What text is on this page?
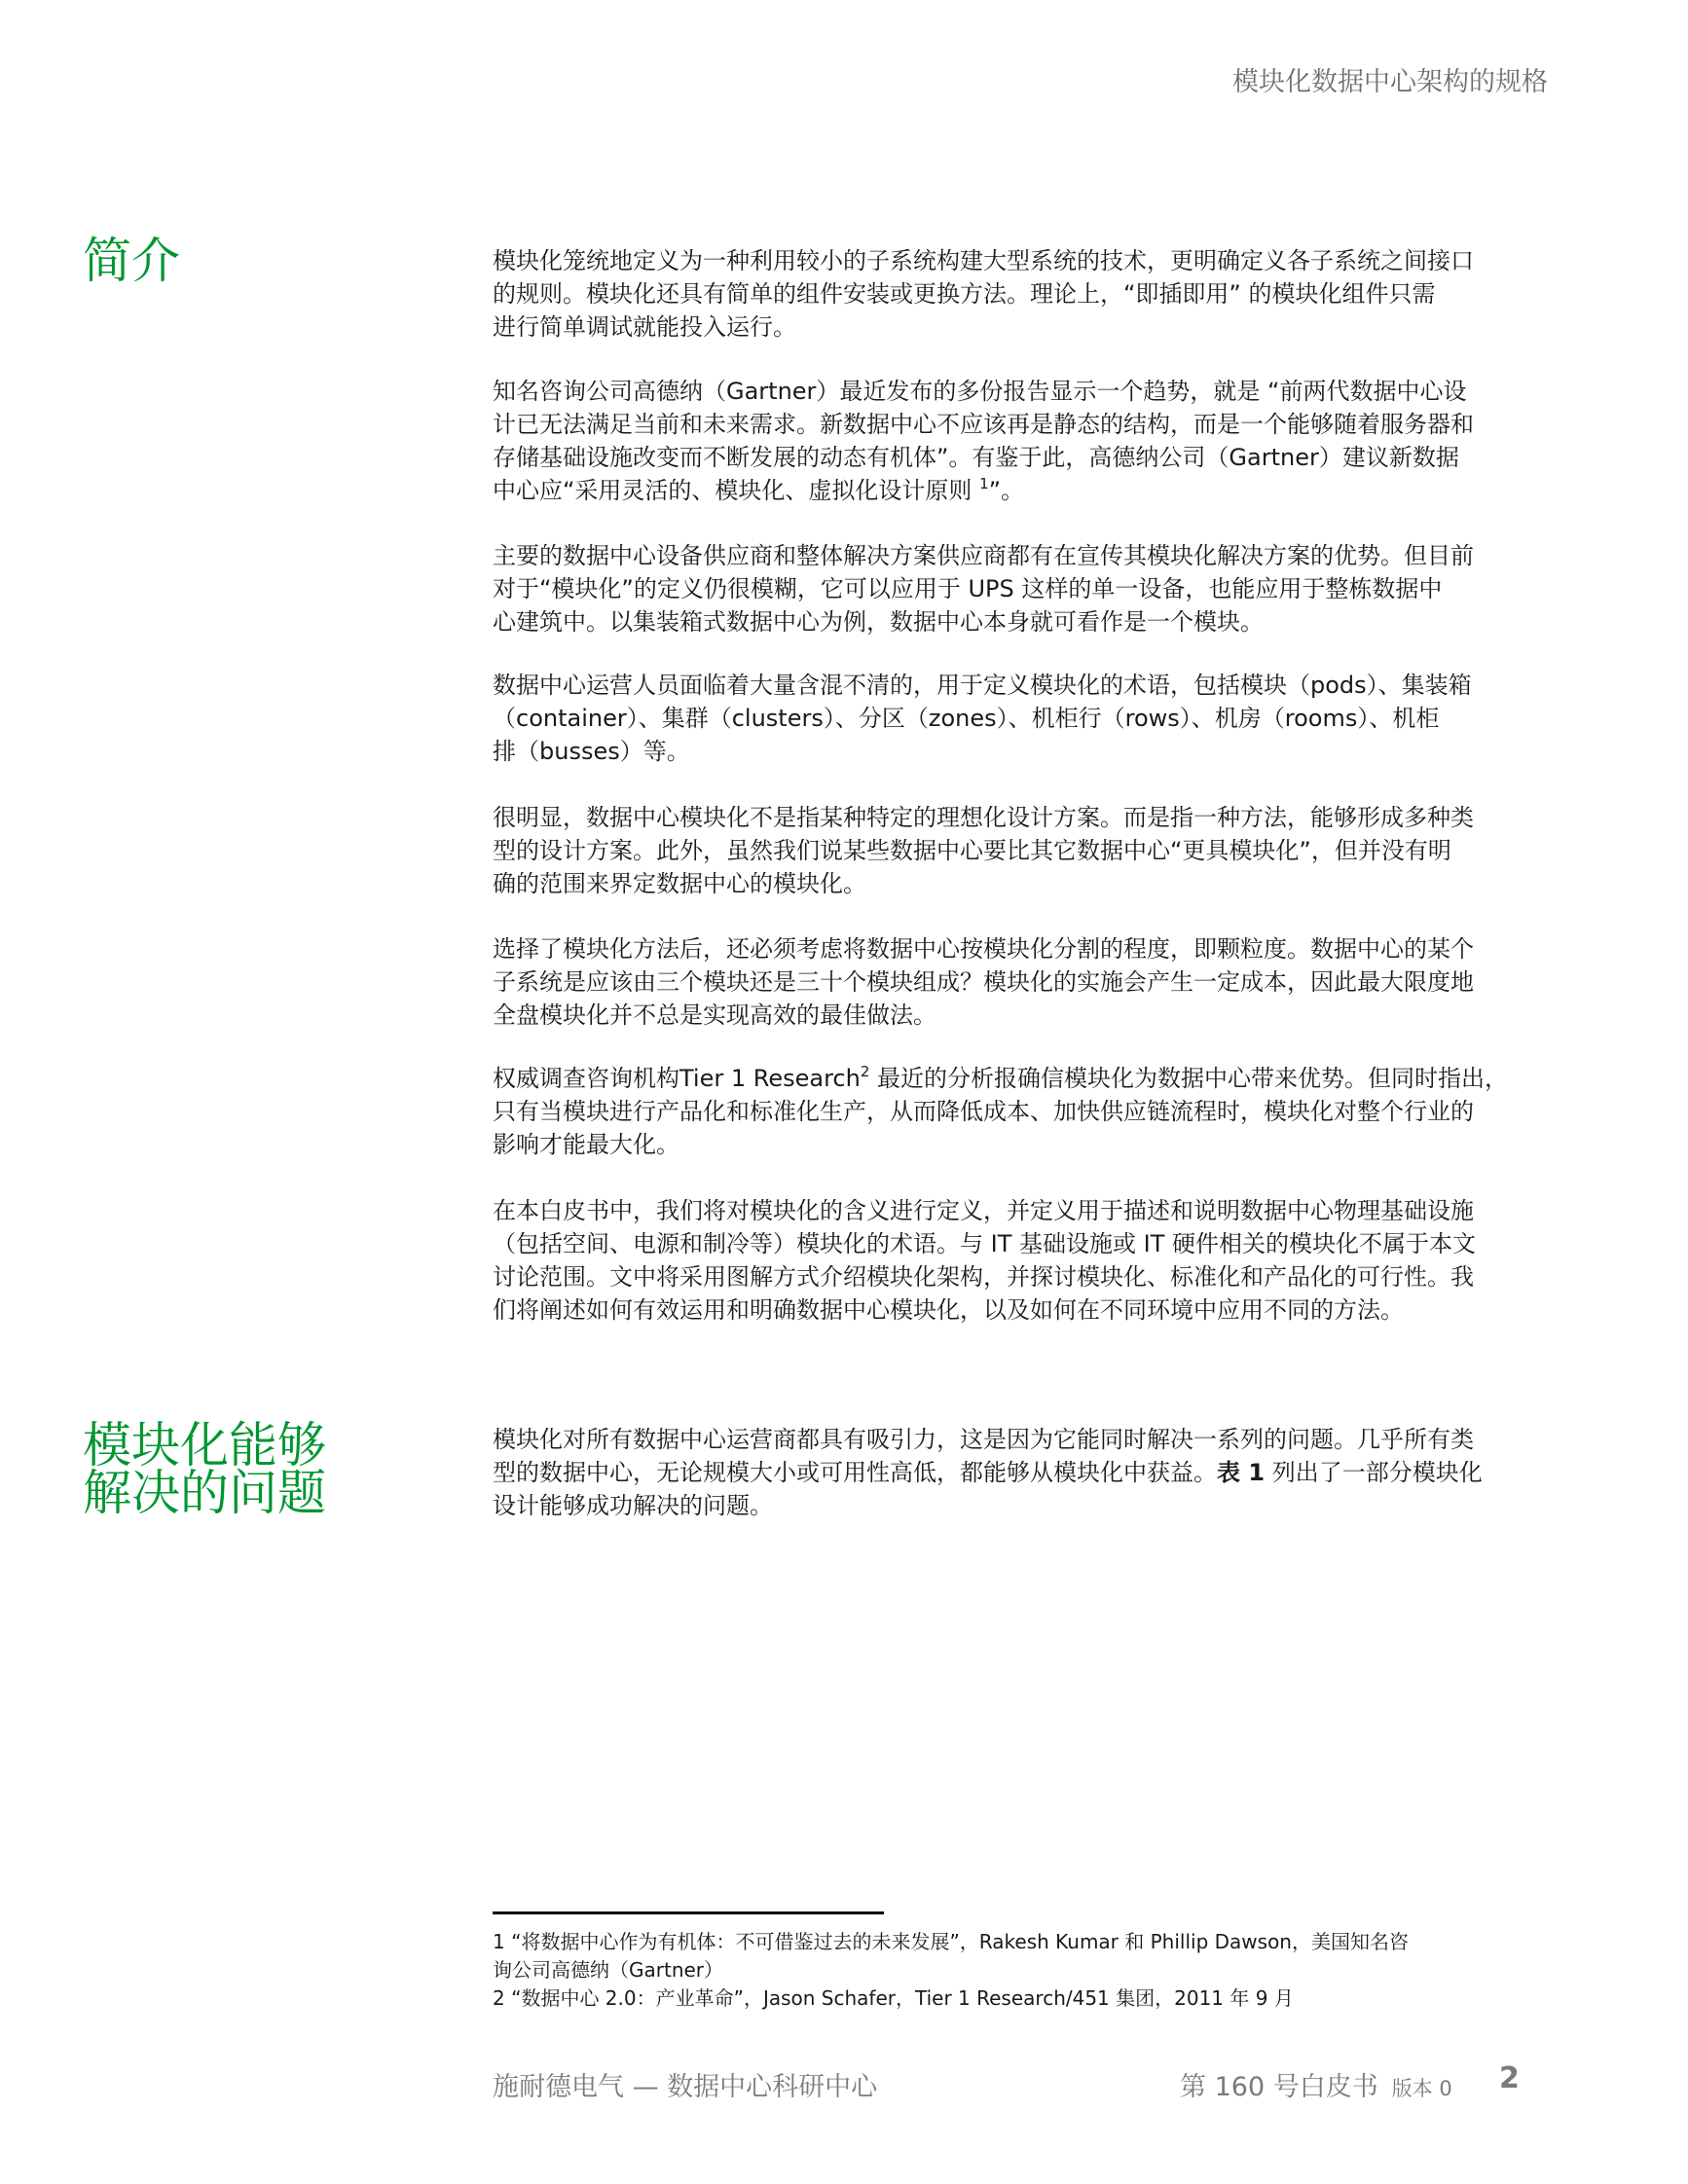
模块化数据中心架构的规格
简介	模块化笼统地定义为一种利用较小的子系统构建大型系统的技术，更明确定义各子系统之间接口
的规则。模块化还具有简单的组件安装或更换方法。理论上，“即插即用” 的模块化组件只需
进行简单调试就能投入运行。
知名咨询公司高德纳（Gartner）最近发布的多份报告显示一个趋势，就是 “前两代数据中心设
计已无法满足当前和未来需求。新数据中心不应该再是静态的结构，而是一个能够随着服务器和
存储基础设施改变而不断发展的动态有机体”。有鉴于此，高德纳公司（Gartner）建议新数据
中心应“采用灵活的、模块化、虚拟化设计原则 $^1$”。
主要的数据中心设备供应商和整体解决方案供应商都有在宣传其模块化解决方案的优势。但目前
对于“模块化”的定义仍很模糊，它可以应用于 UPS 这样的单一设备，也能应用于整栋数据中
心建筑中。以集装箱式数据中心为例，数据中心本身就可看作是一个模块。
数据中心运营人员面临着大量含混不清的，用于定义模块化的术语，包括模块（pods）、集装箱
（container）、集群（clusters）、分区（zones）、机柜行（rows）、机房（rooms）、机柜
排（busses）等。
很明显，数据中心模块化不是指某种特定的理想化设计方案。而是指一种方法，能够形成多种类
型的设计方案。此外，虽然我们说某些数据中心要比其它数据中心“更具模块化”，但并没有明
确的范围来界定数据中心的模块化。
选择了模块化方法后，还必须考虑将数据中心按模块化分割的程度，即颗粒度。数据中心的某个
子系统是应该由三个模块还是三十个模块组成？模块化的实施会产生一定成本，因此最大限度地
全盘模块化并不总是实现高效的最佳做法。
权威调查咨询机构Tier 1 Research$^2$ 最近的分析报确信模块化为数据中心带来优势。但同时指出，
只有当模块进行产品化和标准化生产，从而降低成本、加快供应链流程时，模块化对整个行业的
影响才能最大化。
在本白皮书中，我们将对模块化的含义进行定义，并定义用于描述和说明数据中心物理基础设施
（包括空间、电源和制冷等）模块化的术语。与 IT 基础设施或 IT 硬件相关的模块化不属于本文
讨论范围。文中将采用图解方式介绍模块化架构，并探讨模块化、标准化和产品化的可行性。我
们将阐述如何有效运用和明确数据中心模块化，以及如何在不同环境中应用不同的方法。
模块化能够
解决的问题
模块化对所有数据中心运营商都具有吸引力，这是因为它能同时解决一系列的问题。几乎所有类
型的数据中心，无论规模大小或可用性高低，都能够从模块化中获益。表 1 列出了一部分模块化
设计能够成功解决的问题。
1 “将数据中心作为有机体：不可借鉴过去的未来发展”，Rakesh Kumar 和 Phillip Dawson，美国知名咨
询公司高德纳（Gartner）
2 “数据中心 2.0：产业革命”，Jason Schafer，Tier 1 Research/451 集团，2011 年 9 月
施耐德电气 — 数据中心科研中心	第 160 号白皮书 版本 0 2
